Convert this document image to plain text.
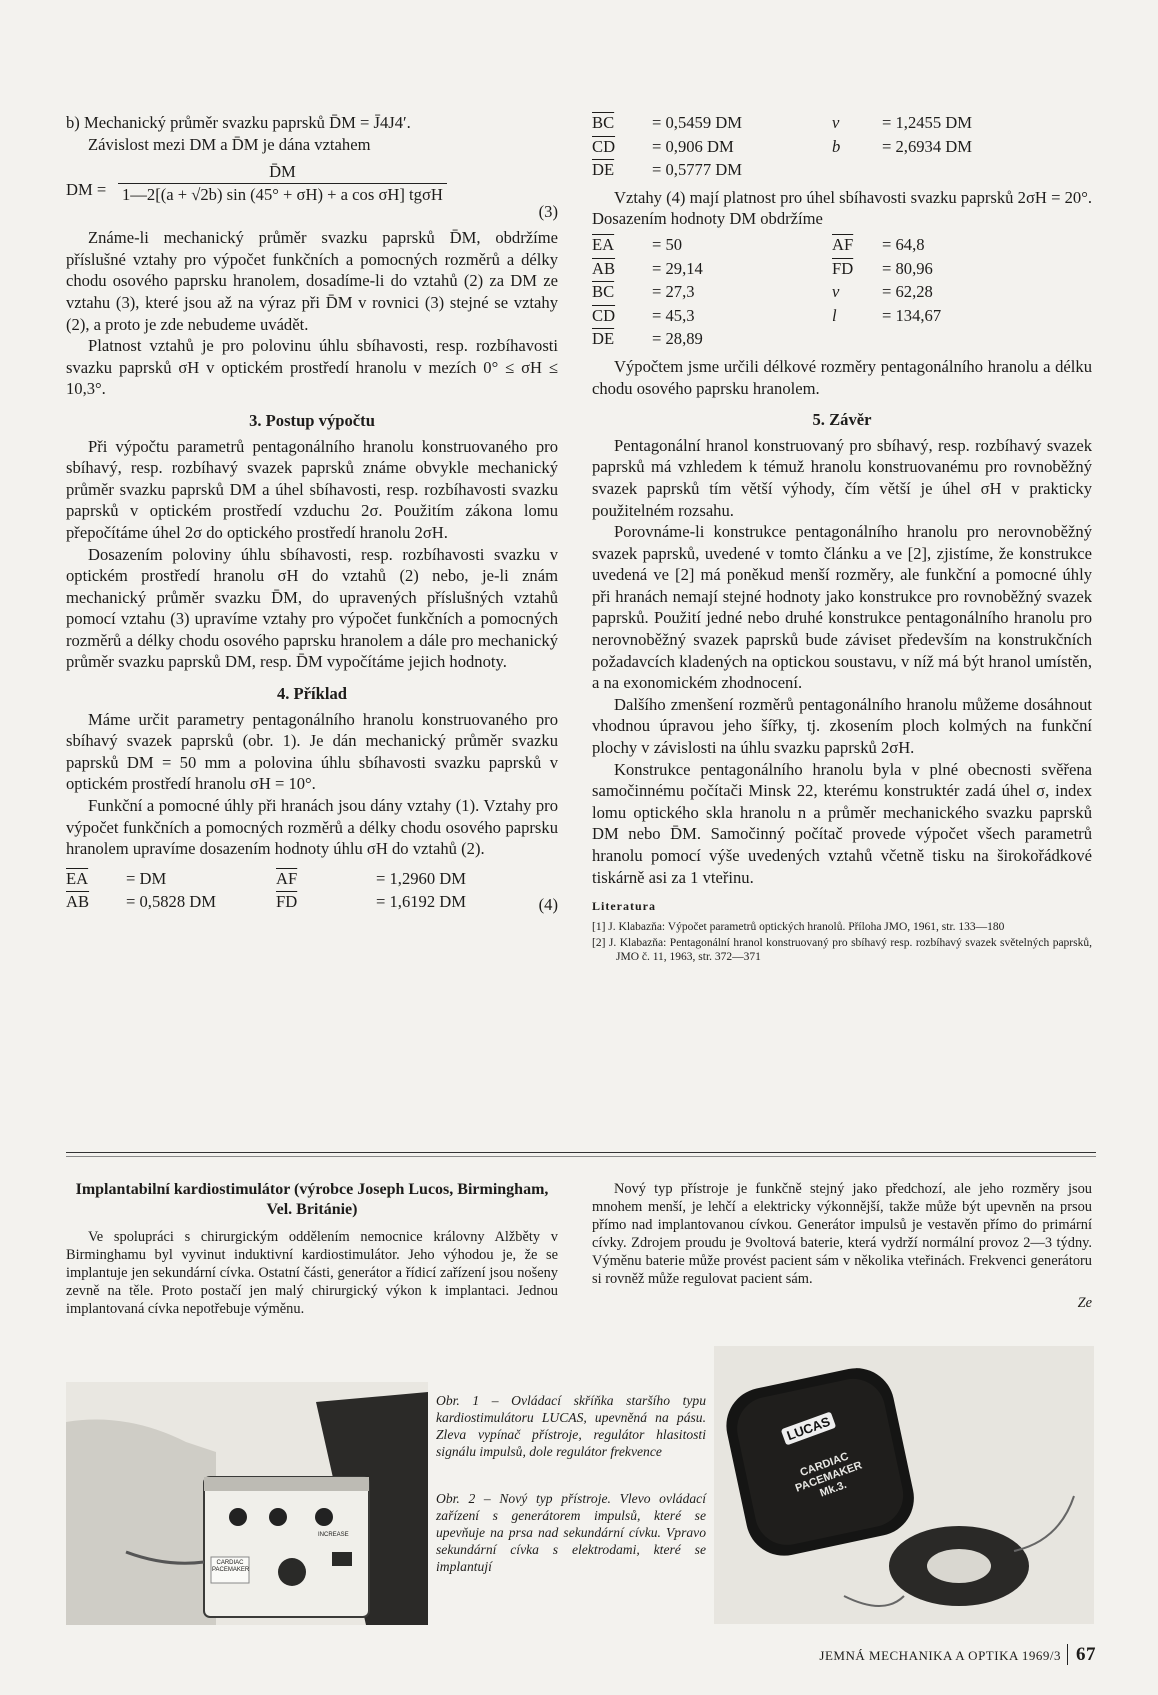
b) Mechanický průměr svazku paprsků D̄M = J̄4J4′.

Závislost mezi DM a D̄M je dána vztahem

DM =
D̄M
1—2[(a + √2b) sin (45° + σH) + a cos σH] tgσH
(3)

Známe-li mechanický průměr svazku paprsků D̄M, obdržíme příslušné vztahy pro výpočet funkčních a pomocných rozměrů a délky chodu osového paprsku hranolem, dosadíme-li do vztahů (2) za DM ze vztahu (3), které jsou až na výraz při D̄M v rovnici (3) stejné se vztahy (2), a proto je zde nebudeme uvádět.

Platnost vztahů je pro polovinu úhlu sbíhavosti, resp. rozbíhavosti svazku paprsků σH v optickém prostředí hranolu v mezích 0° ≤ σH ≤ 10,3°.

3. Postup výpočtu

Při výpočtu parametrů pentagonálního hranolu konstruovaného pro sbíhavý, resp. rozbíhavý svazek paprsků známe obvykle mechanický průměr svazku paprsků DM a úhel sbíhavosti, resp. rozbíhavosti svazku paprsků v optickém prostředí vzduchu 2σ. Použitím zákona lomu přepočítáme úhel 2σ do optického prostředí hranolu 2σH.

Dosazením poloviny úhlu sbíhavosti, resp. rozbíhavosti svazku v optickém prostředí hranolu σH do vztahů (2) nebo, je-li znám mechanický průměr svazku D̄M, do upravených příslušných vztahů pomocí vztahu (3) upravíme vztahy pro výpočet funkčních a pomocných rozměrů a délky chodu osového paprsku hranolem a dále pro mechanický průměr svazku paprsků DM, resp. D̄M vypočítáme jejich hodnoty.

4. Příklad

Máme určit parametry pentagonálního hranolu konstruovaného pro sbíhavý svazek paprsků (obr. 1). Je dán mechanický průměr svazku paprsků DM = 50 mm a polovina úhlu sbíhavosti svazku paprsků v optickém prostředí hranolu σH = 10°.

Funkční a pomocné úhly při hranách jsou dány vztahy (1). Vztahy pro výpočet funkčních a pomocných rozměrů a délky chodu osového paprsku hranolem upravíme dosazením hodnoty úhlu σH do vztahů (2).

$\overline{EA}$	= DM	$\overline{AF}$	= 1,2960 DM
$\overline{AB}$	= 0,5828 DM	$\overline{FD}$	= 1,6192 DM	(4)
$\overline{BC}$	= 0,5459 DM	v	= 1,2455 DM
$\overline{CD}$	= 0,906 DM	b	= 2,6934 DM
$\overline{DE}$	= 0,5777 DM

Vztahy (4) mají platnost pro úhel sbíhavosti svazku paprsků 2σH = 20°. Dosazením hodnoty DM obdržíme

$\overline{EA}$	= 50	$\overline{AF}$	= 64,8
$\overline{AB}$	= 29,14	$\overline{FD}$	= 80,96
$\overline{BC}$	= 27,3	v	= 62,28
$\overline{CD}$	= 45,3	l	= 134,67
$\overline{DE}$	= 28,89

Výpočtem jsme určili délkové rozměry pentagonálního hranolu a délku chodu osového paprsku hranolem.

5. Závěr

Pentagonální hranol konstruovaný pro sbíhavý, resp. rozbíhavý svazek paprsků má vzhledem k témuž hranolu konstruovanému pro rovnoběžný svazek paprsků tím větší výhody, čím větší je úhel σH v prakticky použitelném rozsahu.

Porovnáme-li konstrukce pentagonálního hranolu pro nerovnoběžný svazek paprsků, uvedené v tomto článku a ve [2], zjistíme, že konstrukce uvedená ve [2] má poněkud menší rozměry, ale funkční a pomocné úhly při hranách nemají stejné hodnoty jako konstrukce pro rovnoběžný svazek paprsků. Použití jedné nebo druhé konstrukce pentagonálního hranolu pro nerovnoběžný svazek paprsků bude záviset především na konstrukčních požadavcích kladených na optickou soustavu, v níž má být hranol umístěn, a na exonomickém zhodnocení.

Dalšího zmenšení rozměrů pentagonálního hranolu můžeme dosáhnout vhodnou úpravou jeho šířky, tj. zkosením ploch kolmých na funkční plochy v závislosti na úhlu svazku paprsků 2σH.

Konstrukce pentagonálního hranolu byla v plné obecnosti svěřena samočinnému počítači Minsk 22, kterému konstruktér zadá úhel σ, index lomu optického skla hranolu n a průměr mechanického svazku paprsků DM nebo D̄M. Samočinný počítač provede výpočet všech parametrů hranolu pomocí výše uvedených vztahů včetně tisku na širokořádkové tiskárně asi za 1 vteřinu.

Literatura

[1] J. Klabazňa: Výpočet parametrů optických hranolů. Příloha JMO, 1961, str. 133—180

[2] J. Klabazňa: Pentagonální hranol konstruovaný pro sbíhavý resp. rozbíhavý svazek světelných paprsků, JMO č. 11, 1963, str. 372—371

Implantabilní kardiostimulátor (výrobce Joseph Lucos, Birmingham, Vel. Británie)

Ve spolupráci s chirurgickým oddělením nemocnice královny Alžběty v Birminghamu byl vyvinut induktivní kardiostimulátor. Jeho výhodou je, že se implantuje jen sekundární cívka. Ostatní části, generátor a řídicí zařízení jsou nošeny zevně na těle. Proto postačí jen malý chirurgický výkon k implantaci. Jednou implantovaná cívka nepotřebuje výměnu.

Nový typ přístroje je funkčně stejný jako předchozí, ale jeho rozměry jsou mnohem menší, je lehčí a elektricky výkonnější, takže může být upevněn na prsou přímo nad implantovanou cívkou. Generátor impulsů je vestavěn přímo do primární cívky. Zdrojem proudu je 9voltová baterie, která vydrží normální provoz 2—3 týdny. Výměnu baterie může provést pacient sám v několika vteřinách. Frekvenci generátoru si rovněž může regulovat pacient sám.

Ze

CARDIAC PACEMAKER
INCREASE
Obr. 1 – Ovládací skříňka staršího typu kardiostimulátoru LUCAS, upevněná na pásu. Zleva vypínač přístroje, regulátor hlasitosti signálu impulsů, dole regulátor frekvence
Obr. 2 – Nový typ přístroje. Vlevo ovládací zařízení s generátorem impulsů, které se upevňuje na prsa nad sekundární cívku. Vpravo sekundární cívka s elektrodami, které se implantují
LUCAS
CARDIAC PACEMAKER Mk.3.
JEMNÁ MECHANIKA A OPTIKA 1969/3 67
